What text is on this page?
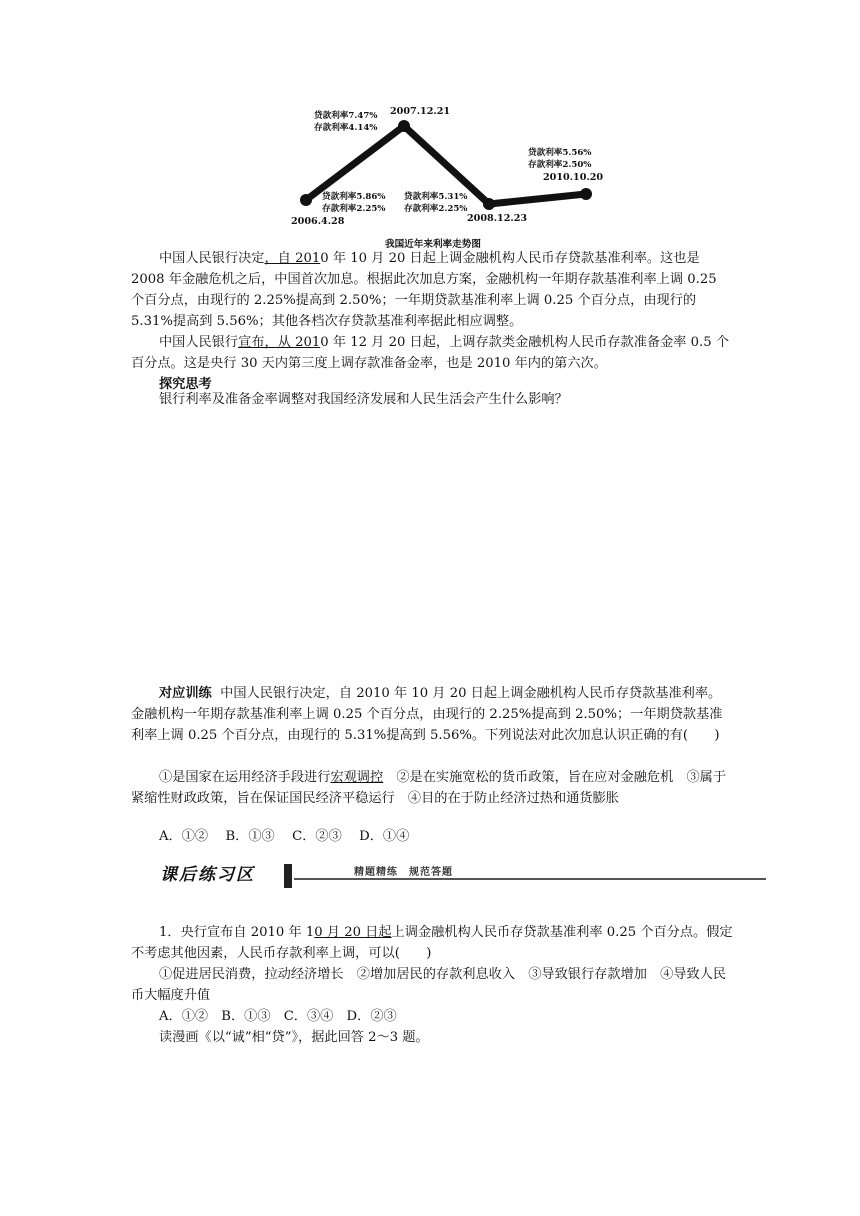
贷款利率7.47%
存款利率4.14%
2007.12.21
贷款利率5.86%
存款利率2.25%
2006.4.28
贷款利率5.31%
存款利率2.25%
2008.12.23
贷款利率5.56%
存款利率2.50%
2010.10.20
我国近年来利率走势图

中国人民银行决定，自 2010 年 10 月 20 日起上调金融机构人民币存贷款基准利率。这也是 2008 年金融危机之后，中国首次加息。根据此次加息方案，金融机构一年期存款基准利率上调 0.25 个百分点，由现行的 2.25%提高到 2.50%；一年期贷款基准利率上调 0.25 个百分点，由现行的 5.31%提高到 5.56%；其他各档次存贷款基准利率据此相应调整。

中国人民银行宣布，从 2010 年 12 月 20 日起，上调存款类金融机构人民币存款准备金率 0.5 个百分点。这是央行 30 天内第三度上调存款准备金率，也是 2010 年内的第六次。

探究思考
银行利率及准备金率调整对我国经济发展和人民生活会产生什么影响？

对应训练 中国人民银行决定，自 2010 年 10 月 20 日起上调金融机构人民币存贷款基准利率。金融机构一年期存款基准利率上调 0.25 个百分点，由现行的 2.25%提高到 2.50%；一年期贷款基准利率上调 0.25 个百分点，由现行的 5.31%提高到 5.56%。下列说法对此次加息认识正确的有(　　)

①是国家在运用经济手段进行宏观调控　②是在实施宽松的货币政策，旨在应对金融危机　③属于紧缩性财政政策，旨在保证国民经济平稳运行　④目的在于防止经济过热和通货膨胀

A．①②　 B．①③　 C．②③　 D．①④
课后练习区	精题精练　规范答题

1．央行宣布自 2010 年 10 月 20 日起上调金融机构人民币存贷款基准利率 0.25 个百分点。假定不考虑其他因素，人民币存款利率上调，可以(　　)

①促进居民消费，拉动经济增长　②增加居民的存款利息收入　③导致银行存款增加　④导致人民币大幅度升值

A．①②　B．①③　C．③④　D．②③
读漫画《以“诚”相“贷”》，据此回答 2～3 题。
